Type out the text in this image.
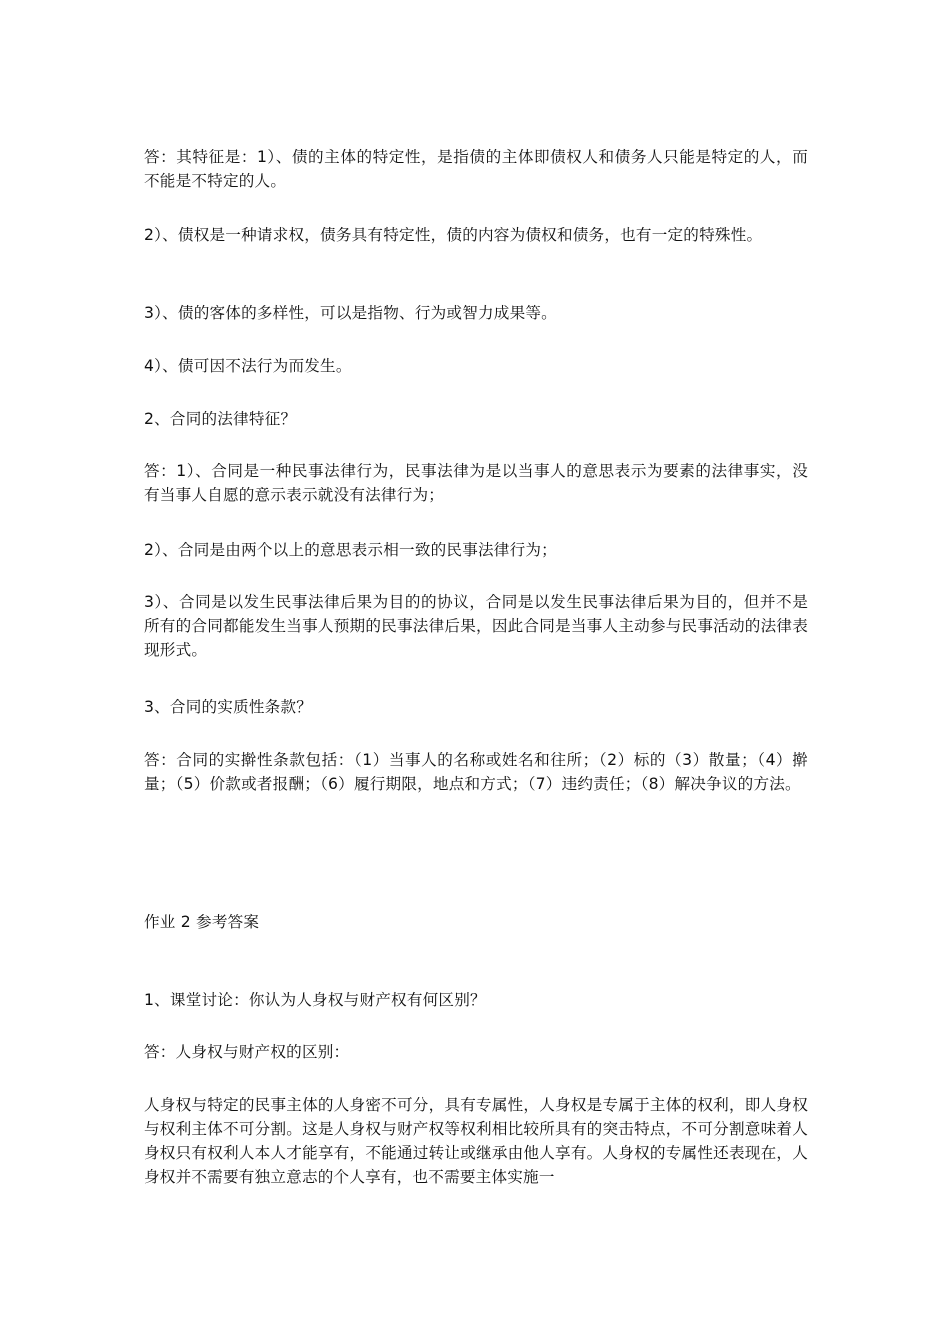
答：其特征是：1）、债的主体的特定性，是指债的主体即债权人和债务人只能是特定的人，而不能是不特定的人。
2）、债权是一种请求权，债务具有特定性，债的内容为债权和债务，也有一定的特殊性。
3）、债的客体的多样性，可以是指物、行为或智力成果等。
4）、债可因不法行为而发生。
2、合同的法律特征？
答：1）、合同是一种民事法律行为，民事法律为是以当事人的意思表示为要素的法律事实，没有当事人自愿的意示表示就没有法律行为；
2）、合同是由两个以上的意思表示相一致的民事法律行为；
3）、合同是以发生民事法律后果为目的的协议，合同是以发生民事法律后果为目的，但并不是所有的合同都能发生当事人预期的民事法律后果，因此合同是当事人主动参与民事活动的法律表现形式。
3、合同的实质性条款？
答：合同的实擀性条款包括：（1）当事人的名称或姓名和往所；（2）标的（3）散量；（4）擀量；（5）价款或者报酬；（6）履行期限，地点和方式；（7）违约责任；（8）解决争议的方法。
作业 2 参考答案
1、课堂讨论：你认为人身权与财产权有何区别？
答：人身权与财产权的区别：
人身权与特定的民事主体的人身密不可分，具有专属性，人身权是专属于主体的权利，即人身权与权利主体不可分割。这是人身权与财产权等权利相比较所具有的突击特点，不可分割意味着人身权只有权利人本人才能享有，不能通过转让或继承由他人享有。人身权的专属性还表现在，人身权并不需要有独立意志的个人享有，也不需要主体实施一
